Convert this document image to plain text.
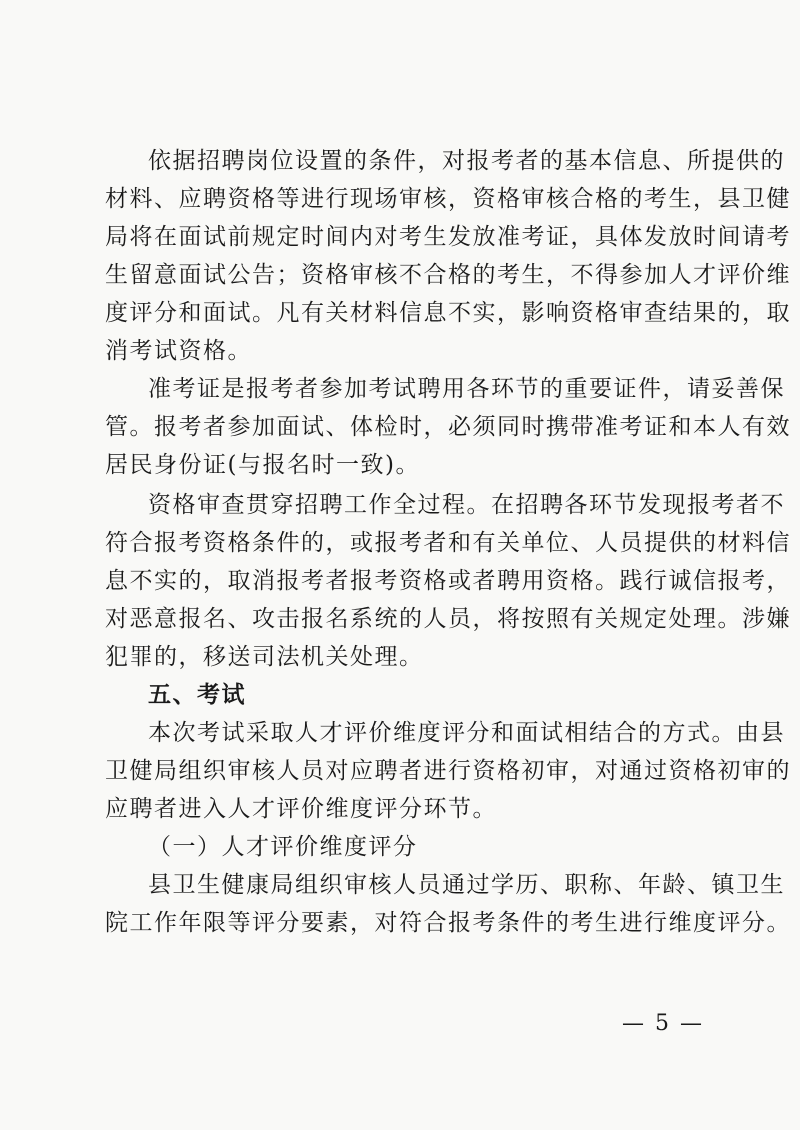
依据招聘岗位设置的条件，对报考者的基本信息、所提供的
材料、应聘资格等进行现场审核，资格审核合格的考生，县卫健
局将在面试前规定时间内对考生发放准考证，具体发放时间请考
生留意面试公告；资格审核不合格的考生，不得参加人才评价维
度评分和面试。凡有关材料信息不实，影响资格审查结果的，取
消考试资格。
准考证是报考者参加考试聘用各环节的重要证件，请妥善保
管。报考者参加面试、体检时，必须同时携带准考证和本人有效
居民身份证(与报名时一致)。
资格审查贯穿招聘工作全过程。在招聘各环节发现报考者不
符合报考资格条件的，或报考者和有关单位、人员提供的材料信
息不实的，取消报考者报考资格或者聘用资格。践行诚信报考，
对恶意报名、攻击报名系统的人员，将按照有关规定处理。涉嫌
犯罪的，移送司法机关处理。
五、考试
本次考试采取人才评价维度评分和面试相结合的方式。由县
卫健局组织审核人员对应聘者进行资格初审，对通过资格初审的
应聘者进入人才评价维度评分环节。
（一）人才评价维度评分
县卫生健康局组织审核人员通过学历、职称、年龄、镇卫生
院工作年限等评分要素，对符合报考条件的考生进行维度评分。
— 5 —
